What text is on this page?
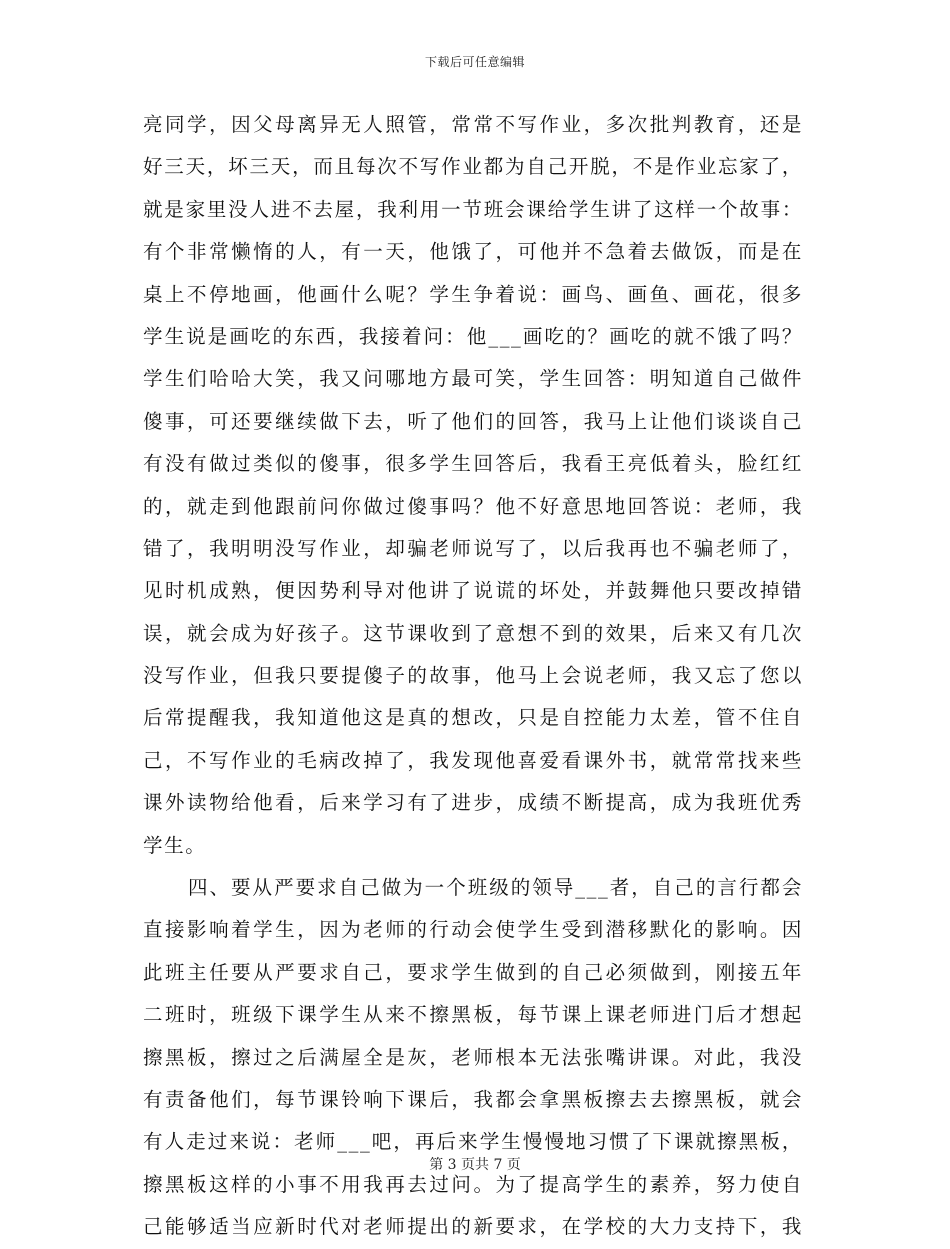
下载后可任意编辑
亮同学，因父母离异无人照管，常常不写作业，多次批判教育，还是
好三天，坏三天，而且每次不写作业都为自己开脱，不是作业忘家了，
就是家里没人进不去屋，我利用一节班会课给学生讲了这样一个故事：
有个非常懒惰的人，有一天，他饿了，可他并不急着去做饭，而是在
桌上不停地画，他画什么呢？学生争着说：画鸟、画鱼、画花，很多
学生说是画吃的东西，我接着问：他___画吃的？画吃的就不饿了吗？
学生们哈哈大笑，我又问哪地方最可笑，学生回答：明知道自己做件
傻事，可还要继续做下去，听了他们的回答，我马上让他们谈谈自己
有没有做过类似的傻事，很多学生回答后，我看王亮低着头，脸红红
的，就走到他跟前问你做过傻事吗？他不好意思地回答说：老师，我
错了，我明明没写作业，却骗老师说写了，以后我再也不骗老师了，
见时机成熟，便因势利导对他讲了说谎的坏处，并鼓舞他只要改掉错
误，就会成为好孩子。这节课收到了意想不到的效果，后来又有几次
没写作业，但我只要提傻子的故事，他马上会说老师，我又忘了您以
后常提醒我，我知道他这是真的想改，只是自控能力太差，管不住自
己，不写作业的毛病改掉了，我发现他喜爱看课外书，就常常找来些
课外读物给他看，后来学习有了进步，成绩不断提高，成为我班优秀
学生。
四、要从严要求自己做为一个班级的领导___者，自己的言行都会
直接影响着学生，因为老师的行动会使学生受到潜移默化的影响。因
此班主任要从严要求自己，要求学生做到的自己必须做到，刚接五年
二班时，班级下课学生从来不擦黑板，每节课上课老师进门后才想起
擦黑板，擦过之后满屋全是灰，老师根本无法张嘴讲课。对此，我没
有责备他们，每节课铃响下课后，我都会拿黑板擦去去擦黑板，就会
有人走过来说：老师___吧，再后来学生慢慢地习惯了下课就擦黑板，
擦黑板这样的小事不用我再去过问。为了提高学生的素养，努力使自
己能够适当应新时代对老师提出的新要求，在学校的大力支持下，我
第 3 页共 7 页
